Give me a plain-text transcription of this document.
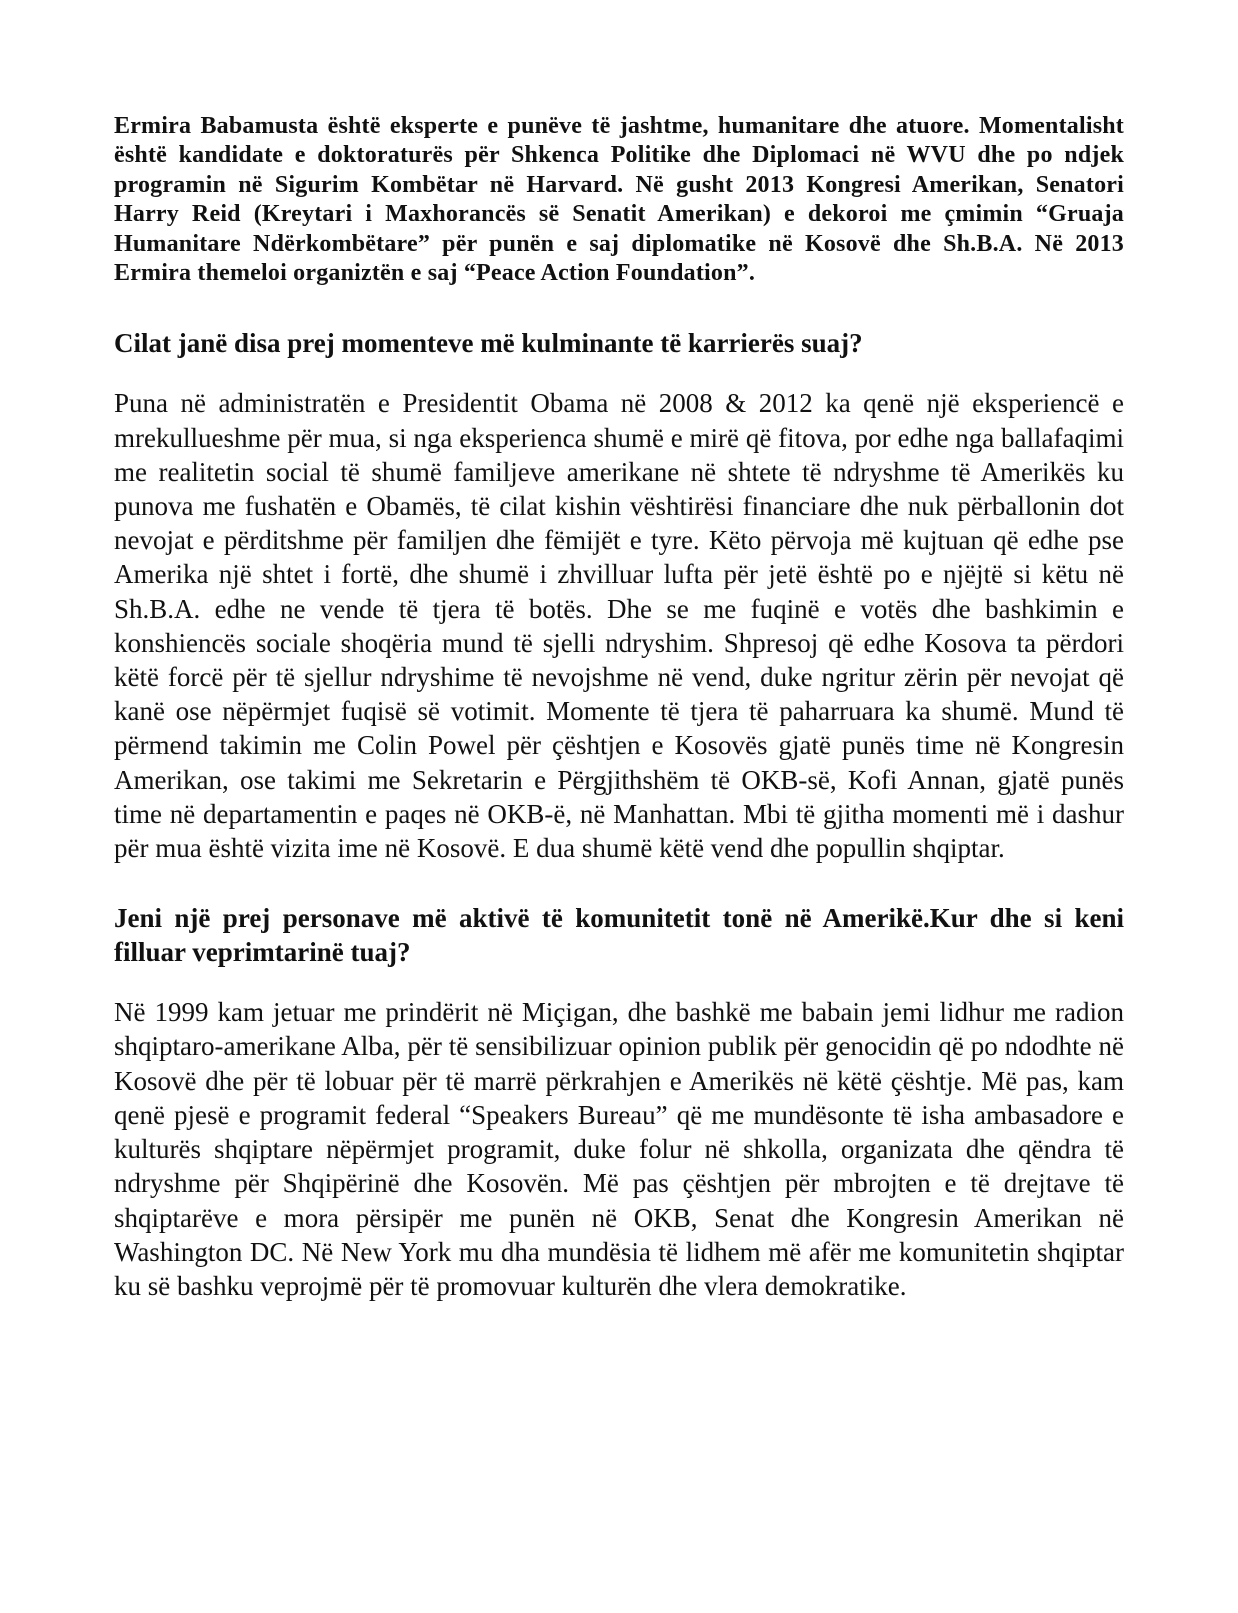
Ermira Babamusta është eksperte e punëve të jashtme, humanitare dhe atuore. Momentalisht është kandidate e doktoraturës për Shkenca Politike dhe Diplomaci në WVU dhe po ndjek programin në Sigurim Kombëtar në Harvard. Në gusht 2013 Kongresi Amerikan, Senatori Harry Reid (Kreytari i Maxhorancës së Senatit Amerikan) e dekoroi me çmimin “Gruaja Humanitare Ndërkombëtare” për punën e saj diplomatike në Kosovë dhe Sh.B.A. Në 2013 Ermira themeloi organiztën e saj “Peace Action Foundation”.

Cilat janë disa prej momenteve më kulminante të karrierës suaj?

Puna në administratën e Presidentit Obama në 2008 & 2012 ka qenë një eksperiencë e mrekullueshme për mua, si nga eksperienca shumë e mirë që fitova, por edhe nga ballafaqimi me realitetin social të shumë familjeve amerikane në shtete të ndryshme të Amerikës ku punova me fushatën e Obamës, të cilat kishin vështirësi financiare dhe nuk përballonin dot nevojat e përditshme për familjen dhe fëmijët e tyre. Këto përvoja më kujtuan që edhe pse Amerika një shtet i fortë, dhe shumë i zhvilluar lufta për jetë është po e njëjtë si këtu në Sh.B.A. edhe ne vende të tjera të botës. Dhe se me fuqinë e votës dhe bashkimin e konshiencës sociale shoqëria mund të sjelli ndryshim. Shpresoj që edhe Kosova ta përdori këtë forcë për të sjellur ndryshime të nevojshme në vend, duke ngritur zërin për nevojat që kanë ose nëpërmjet fuqisë së votimit. Momente të tjera të paharruara ka shumë. Mund të përmend takimin me Colin Powel për çështjen e Kosovës gjatë punës time në Kongresin Amerikan, ose takimi me Sekretarin e Përgjithshëm të OKB-së, Kofi Annan, gjatë punës time në departamentin e paqes në OKB-ë, në Manhattan. Mbi të gjitha momenti më i dashur për mua është vizita ime në Kosovë. E dua shumë këtë vend dhe popullin shqiptar.

Jeni një prej personave më aktivë të komunitetit tonë në Amerikë.Kur dhe si keni filluar veprimtarinë tuaj?

Në 1999 kam jetuar me prindërit në Miçigan, dhe bashkë me babain jemi lidhur me radion shqiptaro-amerikane Alba, për të sensibilizuar opinion publik për genocidin që po ndodhte në Kosovë dhe për të lobuar për të marrë përkrahjen e Amerikës në këtë çështje. Më pas, kam qenë pjesë e programit federal “Speakers Bureau” që me mundësonte të isha ambasadore e kulturës shqiptare nëpërmjet programit, duke folur në shkolla, organizata dhe qëndra të ndryshme për Shqipërinë dhe Kosovën. Më pas çështjen për mbrojten e të drejtave të shqiptarëve e mora përsipër me punën në OKB, Senat dhe Kongresin Amerikan në Washington DC. Në New York mu dha mundësia të lidhem më afër me komunitetin shqiptar ku së bashku veprojmë për të promovuar kulturën dhe vlera demokratike.
